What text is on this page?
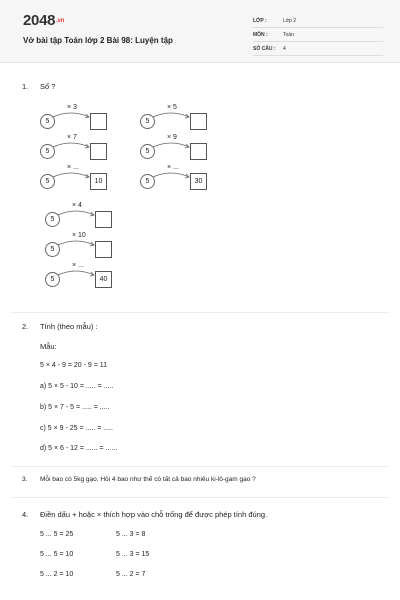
2048.vn
Vở bài tập Toán lớp 2 Bài 98: Luyện tập
LỚP :	Lớp 2
MÔN :	Toán
SỐ CÂU : 4
1. Số ?
5
× 3
5
× 5
5
× 7
5
× 9
5	10
× ...
5	30
× ...
5
× 4
5
× 10
5	40
× ...
2. Tính (theo mẫu) :
Mẫu:
5 × 4 - 9 = 20 - 9 = 11
a) 5 × 5 - 10 = ..... = .....
b) 5 × 7 - 5 = ..... = .....
c) 5 × 9 - 25 = ..... = .....
d) 5 × 6 - 12 = ...... = ......
3. Mỗi bao có 5kg gạo. Hỏi 4 bao như thế có tất cả bao nhiêu ki-lô-gam gạo ?
4. Điền dấu + hoặc × thích hợp vào chỗ trống để được phép tính đúng.
5 ... 5 = 25
5 ... 5 = 10
5 ... 2 = 10
5 ... 3 = 8
5 ... 3 = 15
5 ... 2 = 7
